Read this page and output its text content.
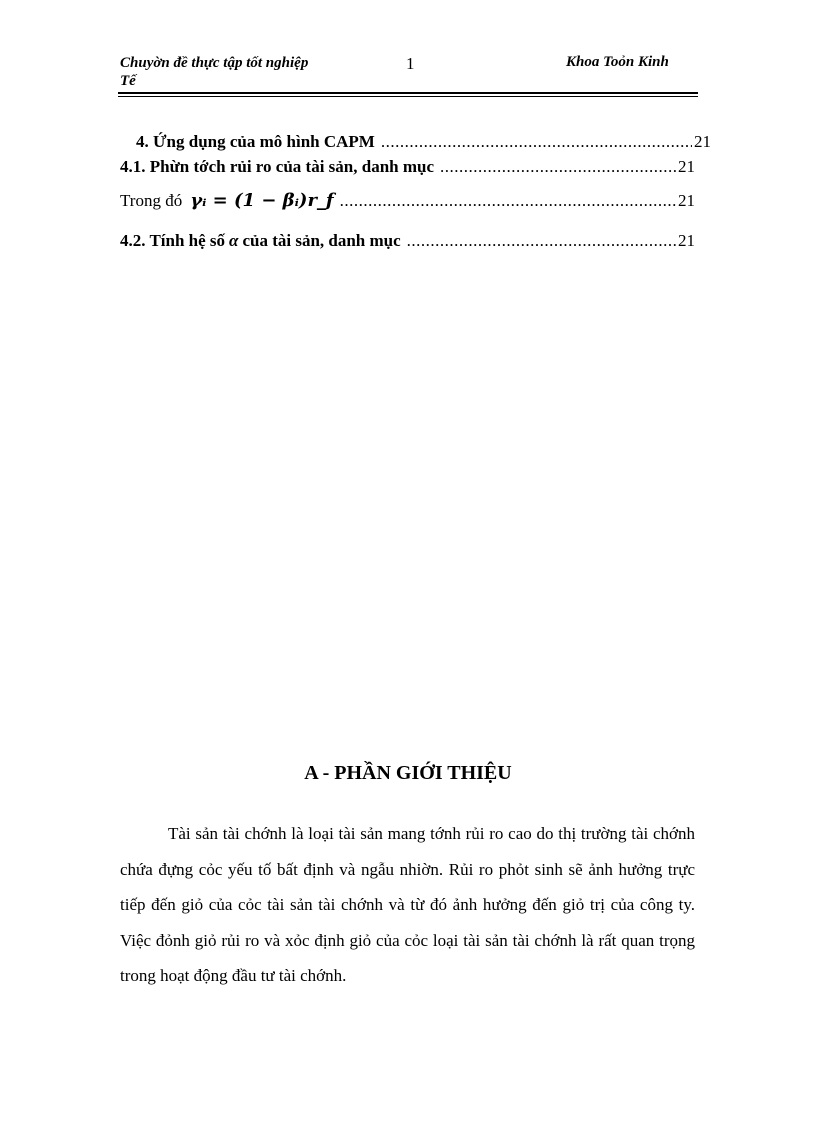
Chuyờn đề thực tập tốt nghiệp
Tế
1	Khoa Toỏn Kinh
4. Ứng dụng của mô hình CAPM .....	21
4.1. Phừn tớch rủi ro của tài sản, danh mục .....	21
Trong đó γᵢ = (1 − βᵢ)r_f .....	21
4.2. Tính hệ số α của tài sản, danh mục .....	21
A - PHẦN GIỚI THIỆU
Tài sản tài chớnh là loại tài sản mang tớnh rủi ro cao do thị trường tài chớnh chứa đựng cỏc yếu tố bất định và ngẫu nhiờn. Rủi ro phỏt sinh sẽ ảnh hưởng trực tiếp đến giỏ của cỏc tài sản tài chớnh và từ đó ảnh hưởng đến giỏ trị của công ty. Việc đỏnh giỏ rủi ro và xỏc định giỏ của cỏc loại tài sản tài chớnh là rất quan trọng trong hoạt động đầu tư tài chớnh.
